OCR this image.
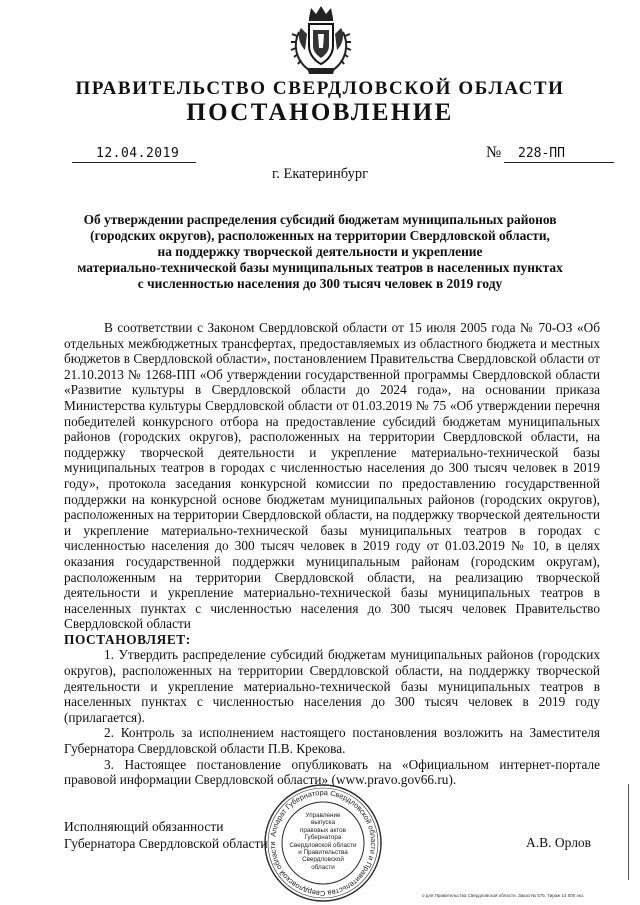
ПРАВИТЕЛЬСТВО СВЕРДЛОВСКОЙ ОБЛАСТИ
ПОСТАНОВЛЕНИЕ
12.04.2019	№	228-ПП
г. Екатеринбург
Об утверждении распределения субсидий бюджетам муниципальных районов
(городских округов), расположенных на территории Свердловской области,
на поддержку творческой деятельности и укрепление
материально-технической базы муниципальных театров в населенных пунктах
с численностью населения до 300 тысяч человек в 2019 году

В соответствии с Законом Свердловской области от 15 июля 2005 года № 70-ОЗ «Об отдельных межбюджетных трансфертах, предоставляемых из областного бюджета и местных бюджетов в Свердловской области», постановлением Правительства Свердловской области от 21.10.2013 № 1268-ПП «Об утверждении государственной программы Свердловской области «Развитие культуры в Свердловской области до 2024 года», на основании приказа Министерства культуры Свердловской области от 01.03.2019 № 75 «Об утверждении перечня победителей конкурсного отбора на предоставление субсидий бюджетам муниципальных районов (городских округов), расположенных на территории Свердловской области, на поддержку творческой деятельности и укрепление материально-технической базы муниципальных театров в городах с численностью населения до 300 тысяч человек в 2019 году», протокола заседания конкурсной комиссии по предоставлению государственной поддержки на конкурсной основе бюджетам муниципальных районов (городских округов), расположенных на территории Свердловской области, на поддержку творческой деятельности и укрепление материально-технической базы муниципальных театров в городах с численностью населения до 300 тысяч человек в 2019 году от 01.03.2019 № 10, в целях оказания государственной поддержки муниципальным районам (городским округам), расположенным на территории Свердловской области, на реализацию творческой деятельности и укрепление материально-технической базы муниципальных театров в населенных пунктах с численностью населения до 300 тысяч человек Правительство Свердловской области

ПОСТАНОВЛЯЕТ:

1. Утвердить распределение субсидий бюджетам муниципальных районов (городских округов), расположенных на территории Свердловской области, на поддержку творческой деятельности и укрепление материально-технической базы муниципальных театров в населенных пунктах с численностью населения до 300 тысяч человек в 2019 году (прилагается).

2. Контроль за исполнением настоящего постановления возложить на Заместителя Губернатора Свердловской области П.В. Крекова.

3. Настоящее постановление опубликовать на «Официальном интернет-портале правовой информации Свердловской области» (www.pravo.gov66.ru).

Исполняющий обязанности
Губернатора Свердловской области	А.В. Орлов
Аппарат Губернатора Свердловской области и Правительства Свердловской области
Управление
выпуска
правовых актов
Губернатора
Свердловской области
и Правительства
Свердловской
области
о для Правительства Свердловской области. Заказ № 575. Тираж 14 000 экз.
